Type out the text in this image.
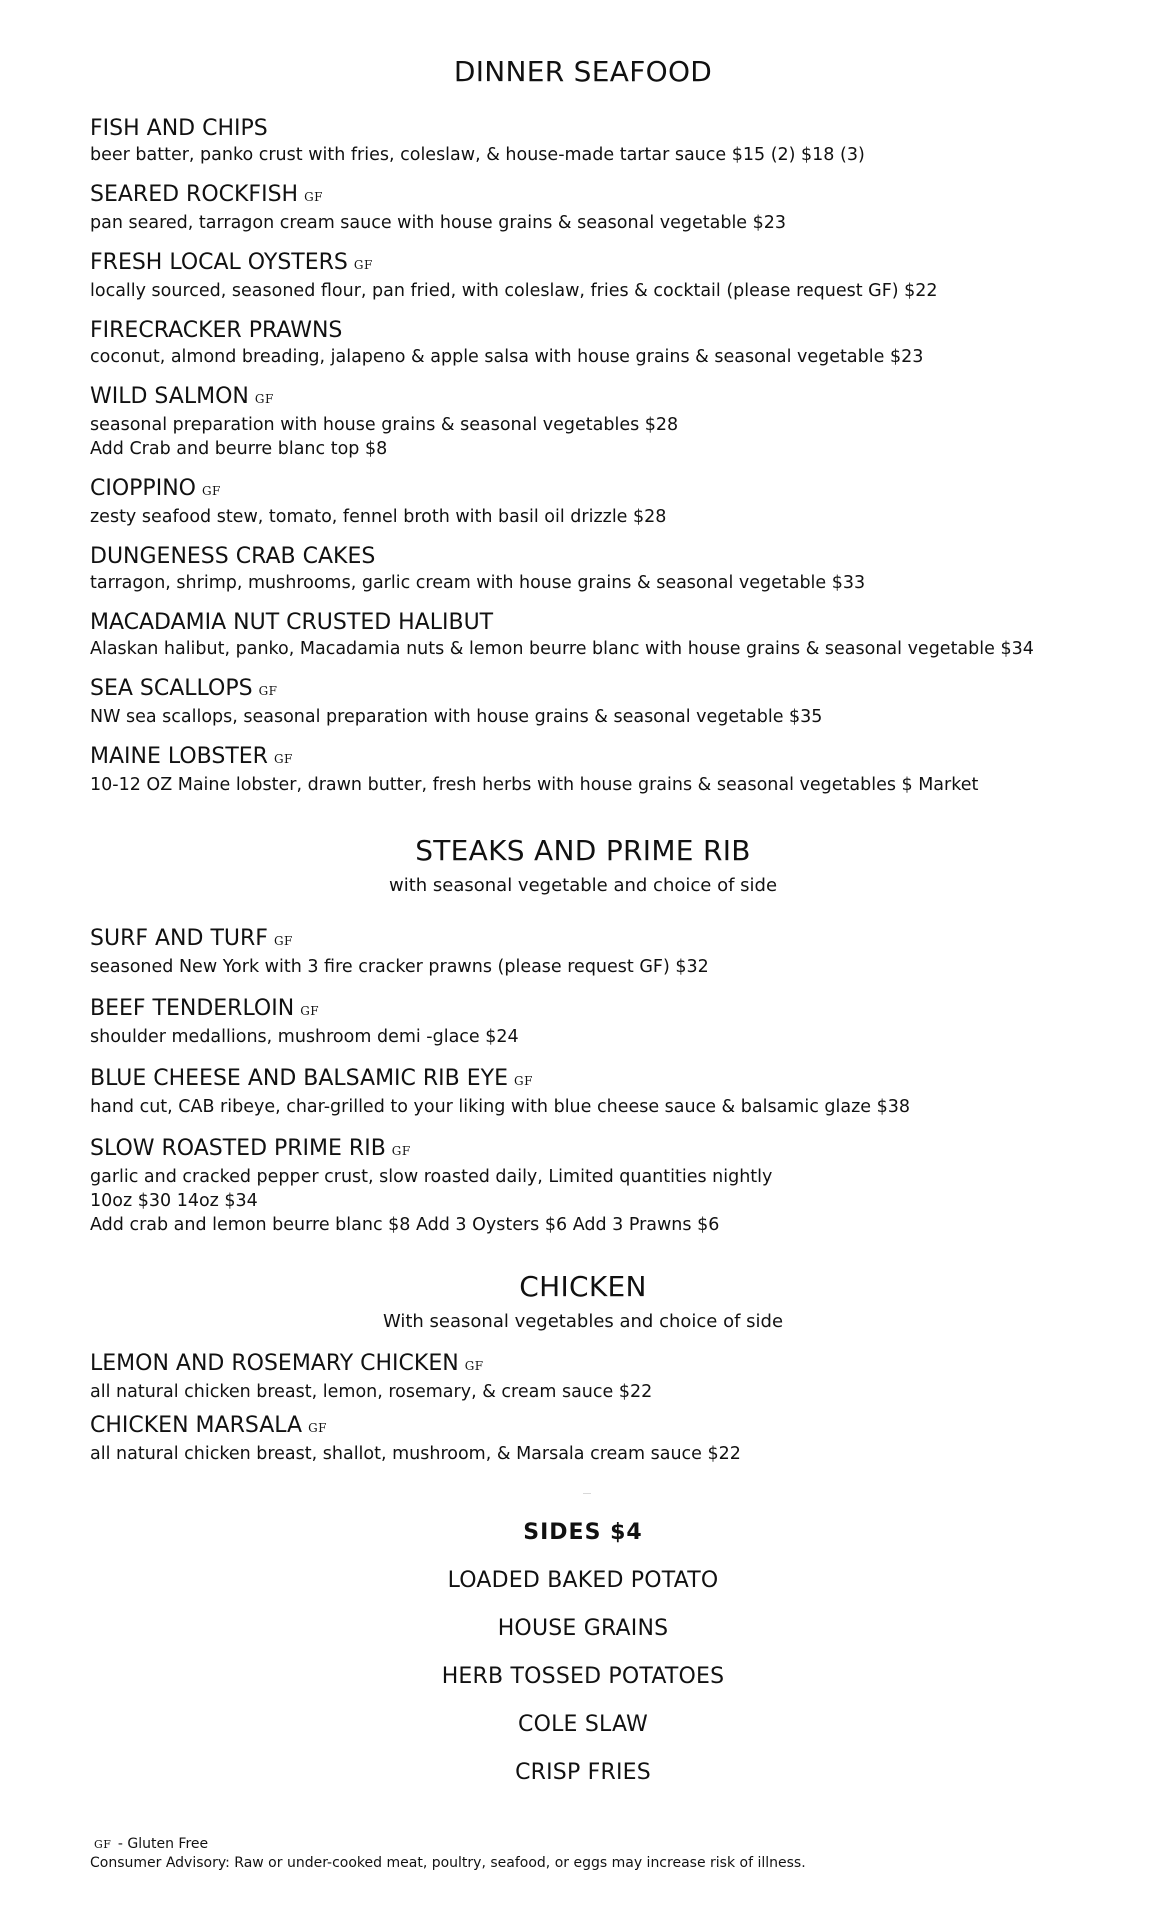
DINNER SEAFOOD

FISH AND CHIPS

beer batter, panko crust with fries, coleslaw, & house-made tartar sauce $15 (2) $18 (3)

SEARED ROCKFISH GF

pan seared, tarragon cream sauce with house grains & seasonal vegetable $23

FRESH LOCAL OYSTERS GF

locally sourced, seasoned flour, pan fried, with coleslaw, fries & cocktail (please request GF) $22

FIRECRACKER PRAWNS

coconut, almond breading, jalapeno & apple salsa with house grains & seasonal vegetable $23

WILD SALMON GF

seasonal preparation with house grains & seasonal vegetables $28

Add Crab and beurre blanc top $8

CIOPPINO GF

zesty seafood stew, tomato, fennel broth with basil oil drizzle $28

DUNGENESS CRAB CAKES

tarragon, shrimp, mushrooms, garlic cream with house grains & seasonal vegetable $33

MACADAMIA NUT CRUSTED HALIBUT

Alaskan halibut, panko, Macadamia nuts & lemon beurre blanc with house grains & seasonal vegetable $34

SEA SCALLOPS GF

NW sea scallops, seasonal preparation with house grains & seasonal vegetable $35

MAINE LOBSTER GF

10-12 OZ Maine lobster, drawn butter, fresh herbs with house grains & seasonal vegetables $ Market

STEAKS AND PRIME RIB

with seasonal vegetable and choice of side

SURF AND TURF GF

seasoned New York with 3 fire cracker prawns (please request GF) $32

BEEF TENDERLOIN GF

shoulder medallions, mushroom demi -glace $24

BLUE CHEESE AND BALSAMIC RIB EYE GF

hand cut, CAB ribeye, char-grilled to your liking with blue cheese sauce & balsamic glaze $38

SLOW ROASTED PRIME RIB GF

garlic and cracked pepper crust, slow roasted daily, Limited quantities nightly

10oz $30 14oz $34

Add crab and lemon beurre blanc $8 Add 3 Oysters $6 Add 3 Prawns $6

CHICKEN

With seasonal vegetables and choice of side

LEMON AND ROSEMARY CHICKEN GF

all natural chicken breast, lemon, rosemary, & cream sauce $22

CHICKEN MARSALA GF

all natural chicken breast, shallot, mushroom, & Marsala cream sauce $22

SIDES $4
LOADED BAKED POTATO
HOUSE GRAINS
HERB TOSSED POTATOES
COLE SLAW
CRISP FRIES
GF - Gluten Free
Consumer Advisory: Raw or under-cooked meat, poultry, seafood, or eggs may increase risk of illness.
